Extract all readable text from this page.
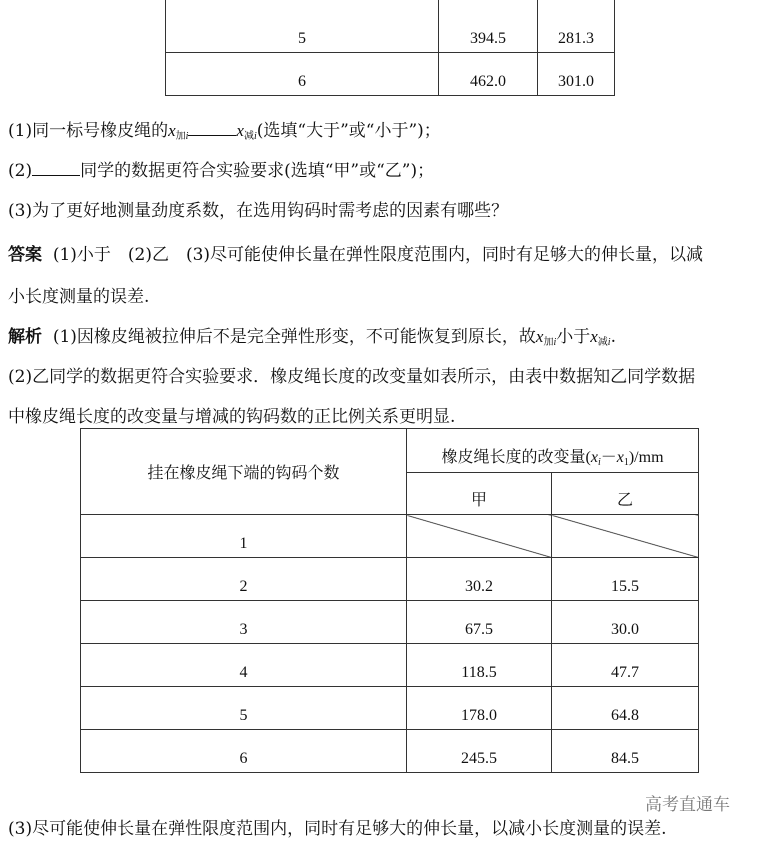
5	394.5	281.3
6	462.0	301.0
(1)同一标号橡皮绳的$x_{加i}$	$x_{减i}$(选填“大于”或“小于”)；
(2)	同学的数据更符合实验要求(选填“甲”或“乙”)；
(3)为了更好地测量劲度系数，在选用钩码时需考虑的因素有哪些？
答案 (1)小于　(2)乙　(3)尽可能使伸长量在弹性限度范围内，同时有足够大的伸长量，以减
小长度测量的误差.
解析 (1)因橡皮绳被拉伸后不是完全弹性形变，不可能恢复到原长，故$x_{加i}$小于$x_{减i}$.
(2)乙同学的数据更符合实验要求．橡皮绳长度的改变量如表所示，由表中数据知乙同学数据
中橡皮绳长度的改变量与增减的钩码数的正比例关系更明显.
挂在橡皮绳下端的钩码个数	橡皮绳长度的改变量$(x_i-x_1)/mm$	
	甲	乙
1		
2	30.2	15.5
3	67.5	30.0
4	118.5	47.7
5	178.0	64.8
6	245.5	84.5
高考直通车
(3)尽可能使伸长量在弹性限度范围内，同时有足够大的伸长量，以减小长度测量的误差.
